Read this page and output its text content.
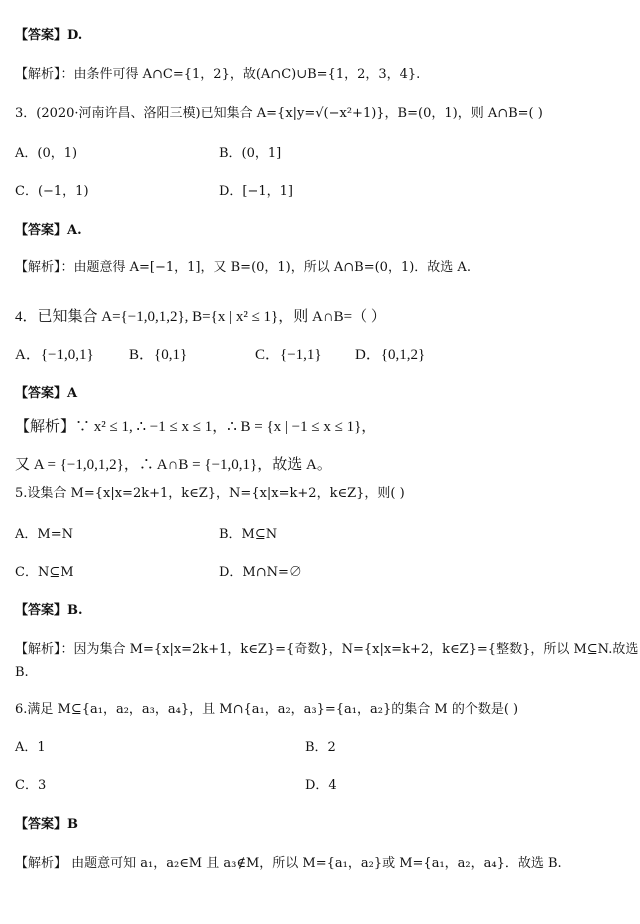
【答案】D.
【解析】：由条件可得 A∩C={1，2}，故(A∩C)∪B={1，2，3，4}.
3．(2020·河南许昌、洛阳三模)已知集合 A={x|y=√(−x²+1)}，B=(0，1)，则 A∩B=( )
A．(0，1)	B．(0，1]
C．(−1，1)	D．[−1，1]
【答案】A.
【解析】：由题意得 A=[−1，1]，又 B=(0，1)，所以 A∩B=(0，1)．故选 A.
4．已知集合 A={−1,0,1,2}, B={x | x² ≤ 1}，则 A∩B=（ ）
A．{−1,0,1} B．{0,1}	C．{−1,1} D．{0,1,2}
【答案】A
【解析】∵ x² ≤ 1, ∴ −1 ≤ x ≤ 1，∴ B = {x | −1 ≤ x ≤ 1}，
又 A = {−1,0,1,2}，∴ A∩B = {−1,0,1}，故选 A。
5.设集合 M={x|x=2k+1，k∈Z}，N={x|x=k+2，k∈Z}，则( )
A．M=N	B．M⊆N
C．N⊆M	D．M∩N=∅
【答案】B.
【解析】：因为集合 M={x|x=2k+1，k∈Z}={奇数}，N={x|x=k+2，k∈Z}={整数}，所以 M⊆N.故选
B.
6.满足 M⊆{a₁，a₂，a₃，a₄}，且 M∩{a₁，a₂，a₃}={a₁，a₂}的集合 M 的个数是( )
A．1	B．2
C．3	D．4
【答案】B
【解析】 由题意可知 a₁，a₂∈M 且 a₃∉M，所以 M={a₁，a₂}或 M={a₁，a₂，a₄}．故选 B.
